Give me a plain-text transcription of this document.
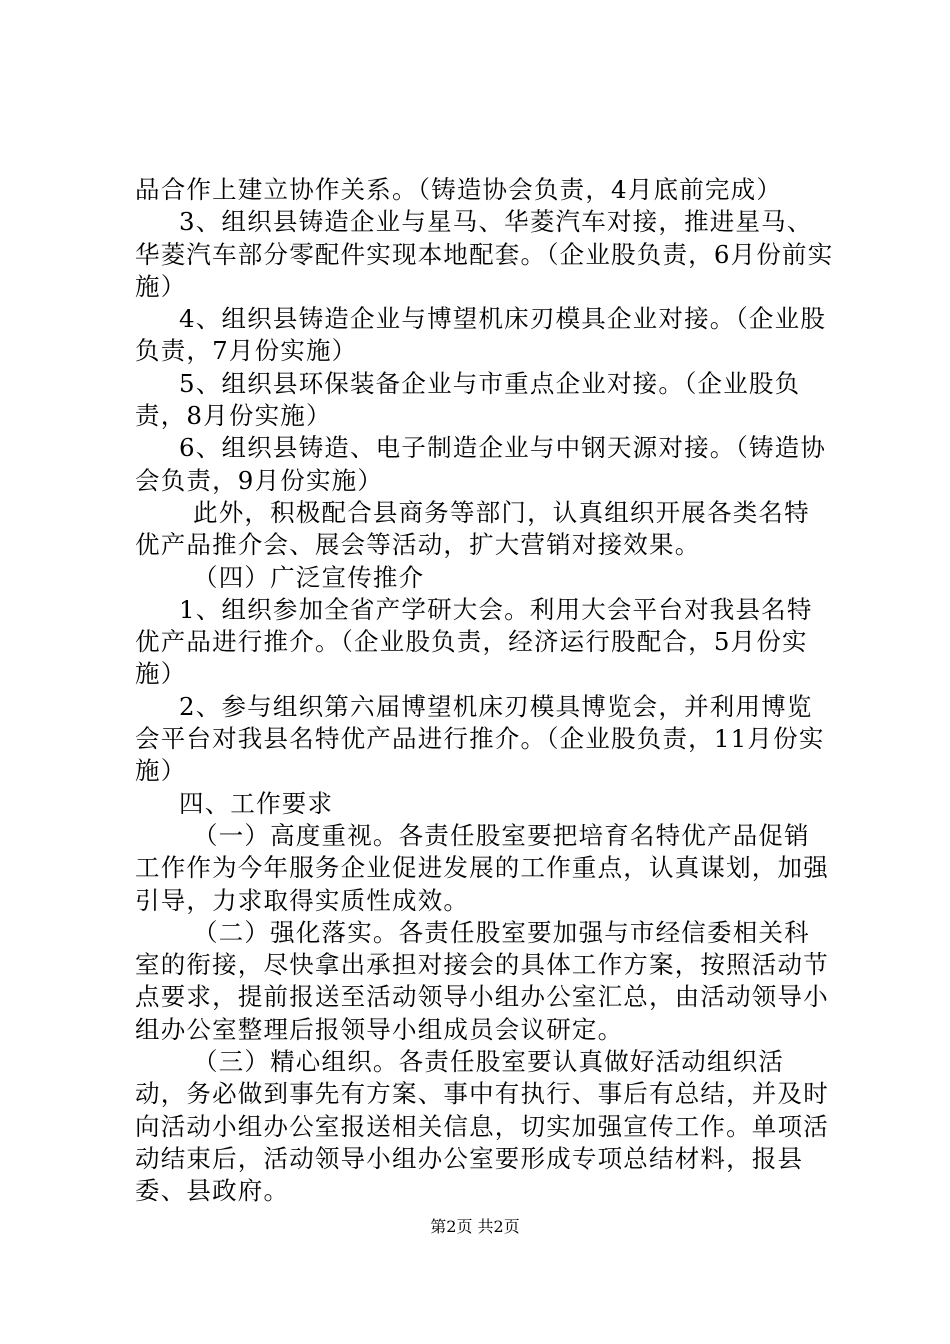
品合作上建立协作关系。（铸造协会负责，4月底前完成）

3、组织县铸造企业与星马、华菱汽车对接，推进星马、华菱汽车部分零配件实现本地配套。（企业股负责，6月份前实施）

4、组织县铸造企业与博望机床刃模具企业对接。（企业股负责，7月份实施）

5、组织县环保装备企业与市重点企业对接。（企业股负责，8月份实施）

6、组织县铸造、电子制造企业与中钢天源对接。（铸造协会负责，9月份实施）

此外，积极配合县商务等部门，认真组织开展各类名特优产品推介会、展会等活动，扩大营销对接效果。

（四）广泛宣传推介

1、组织参加全省产学研大会。利用大会平台对我县名特优产品进行推介。（企业股负责，经济运行股配合，5月份实施）

2、参与组织第六届博望机床刃模具博览会，并利用博览会平台对我县名特优产品进行推介。（企业股负责，11月份实施）

四、工作要求

（一）高度重视。各责任股室要把培育名特优产品促销工作作为今年服务企业促进发展的工作重点，认真谋划，加强引导，力求取得实质性成效。

（二）强化落实。各责任股室要加强与市经信委相关科室的衔接，尽快拿出承担对接会的具体工作方案，按照活动节点要求，提前报送至活动领导小组办公室汇总，由活动领导小组办公室整理后报领导小组成员会议研定。

（三）精心组织。各责任股室要认真做好活动组织活动，务必做到事先有方案、事中有执行、事后有总结，并及时向活动小组办公室报送相关信息，切实加强宣传工作。单项活动结束后，活动领导小组办公室要形成专项总结材料，报县委、县政府。

第2页 共2页
